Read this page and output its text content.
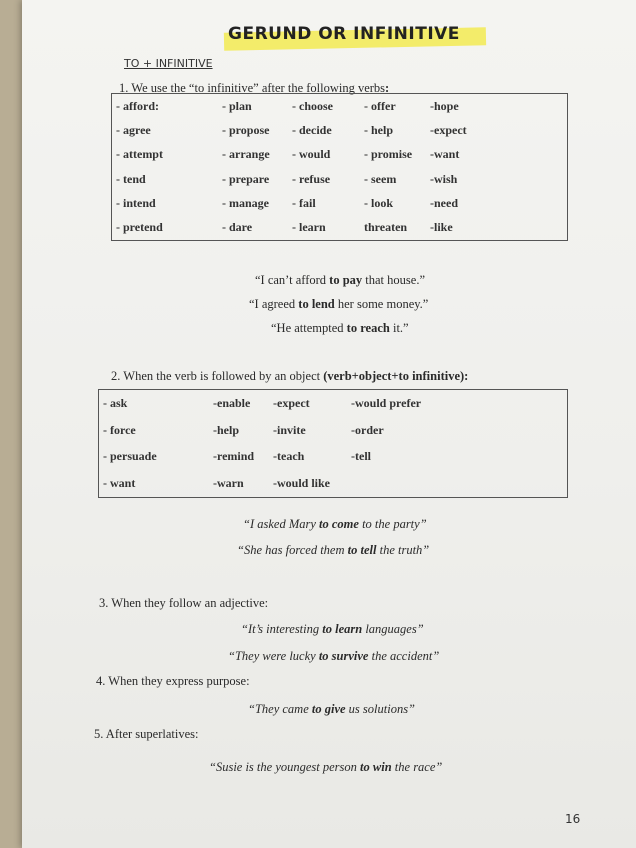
GERUND OR INFINITIVE
TO + INFINITIVE
1. We use the “to infinitive” after the following verbs:
- afford:	- plan	- choose	- offer	-hope
- agree	- propose	- decide	- help	-expect
- attempt	- arrange	- would	- promise	-want
- tend	- prepare	- refuse	- seem	-wish
- intend	- manage	- fail	- look	-need
- pretend	- dare	- learn	threaten	-like
“I can’t afford to pay that house.”
“I agreed to lend her some money.”
“He attempted to reach it.”
2. When the verb is followed by an object (verb+object+to infinitive):
- ask	-enable	-expect	-would prefer
- force	-help	-invite	-order
- persuade	-remind	-teach	-tell
- want	-warn	-would like	
“I asked Mary to come to the party”
“She has forced them to tell the truth”
3. When they follow an adjective:
“It’s interesting to learn languages”
“They were lucky to survive the accident”
4. When they express purpose:
“They came to give us solutions”
5. After superlatives:
“Susie is the youngest person to win the race”
16
